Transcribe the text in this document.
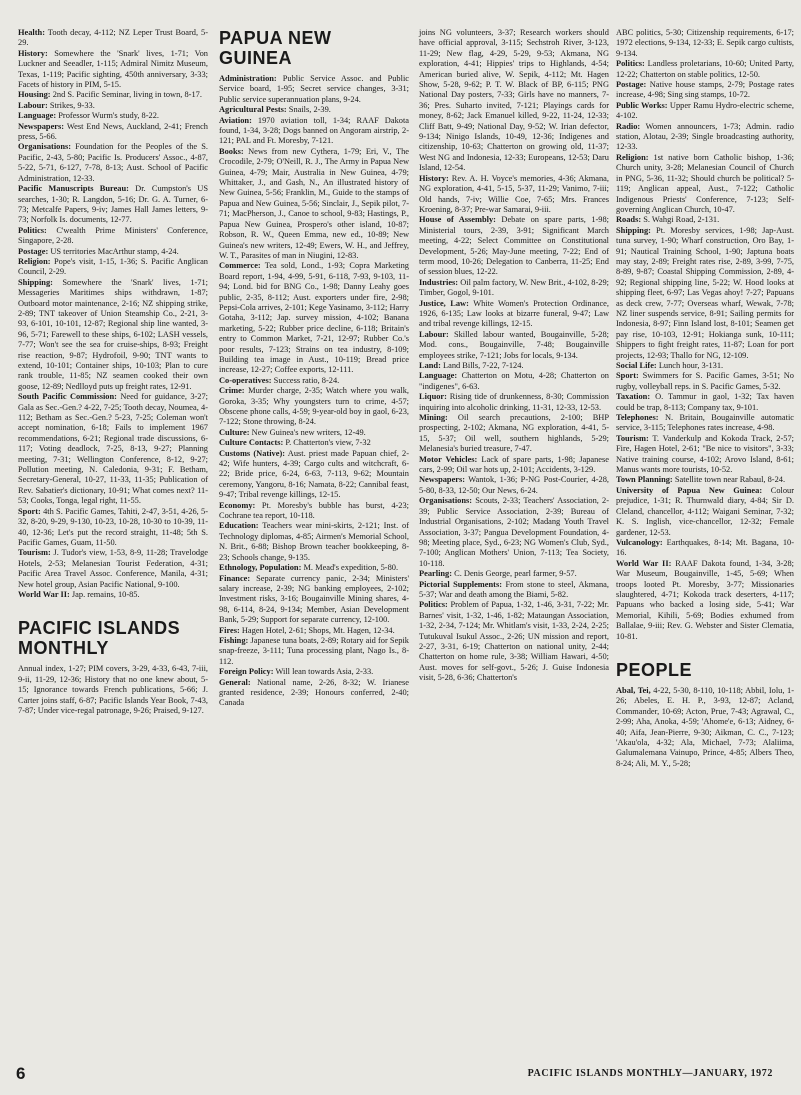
Health: Tooth decay, 4-112; NZ Leper Trust Board, 5-29.

History: Somewhere the 'Snark' lives, 1-71; Von Luckner and Seeadler, 1-115; Admiral Nimitz Museum, Texas, 1-119; Pacific sighting, 450th anniversary, 3-33; Facets of history in PIM, 5-15.

Housing: 2nd S. Pacific Seminar, living in town, 8-17.

Labour: Strikes, 9-33.

Language: Professor Wurm's study, 8-22.

Newspapers: West End News, Auckland, 2-41; French press, 5-66.

Organisations: Foundation for the Peoples of the S. Pacific, 2-43, 5-80; Pacific Is. Producers' Assoc., 4-87, 5-22, 5-71, 6-127, 7-78, 8-13; Aust. School of Pacific Administration, 12-33.

Pacific Manuscripts Bureau: Dr. Cumpston's US searches, 1-30; R. Langdon, 5-16; Dr. G. A. Turner, 6-73; Metcalfe Papers, 9-iv; James Hall James letters, 9-73; Norfolk Is. documents, 12-77.

Politics: C'wealth Prime Ministers' Conference, Singapore, 2-28.

Postage: US territories MacArthur stamp, 4-24.

Religion: Pope's visit, 1-15, 1-36; S. Pacific Anglican Council, 2-29.

Shipping: Somewhere the 'Snark' lives, 1-71; Messageries Maritimes ships withdrawn, 1-87; Outboard motor maintenance, 2-16; NZ shipping strike, 2-89; TNT takeover of Union Steamship Co., 2-21, 3-93, 6-101, 10-101, 12-87; Regional ship line wanted, 3-96, 5-71; Farewell to these ships, 6-102; LASH vessels, 7-77; Won't see the sea for cruise-ships, 8-93; Freight rise reaction, 9-87; Hydrofoil, 9-90; TNT wants to extend, 10-101; Container ships, 10-103; Plan to cure rank trouble, 11-85; NZ seamen cooked their own goose, 12-89; Nedlloyd puts up freight rates, 12-91.

South Pacific Commission: Need for guidance, 3-27; Gala as Sec.-Gen.? 4-22, 7-25; Tooth decay, Noumea, 4-112; Betham as Sec.-Gen.? 5-23, 7-25; Coleman won't accept nomination, 6-18; Fails to implement 1967 recommendations, 6-21; Regional trade discussions, 6-117; Voting deadlock, 7-25, 8-13, 9-27; Planning meeting, 7-31; Wellington Conference, 8-12, 9-27; Pollution meeting, N. Caledonia, 9-31; F. Betham, Secretary-General, 10-27, 11-33, 11-35; Publication of Rev. Sabatier's dictionary, 10-91; What comes next? 11-53; Cooks, Tonga, legal right, 11-55.

Sport: 4th S. Pacific Games, Tahiti, 2-47, 3-51, 4-26, 5-32, 8-20, 9-29, 9-130, 10-23, 10-28, 10-30 to 10-39, 11-40, 12-36; Let's put the record straight, 11-48; 5th S. Pacific Games, Guam, 11-50.

Tourism: J. Tudor's view, 1-53, 8-9, 11-28; Travelodge Hotels, 2-53; Melanesian Tourist Federation, 4-31; Pacific Area Travel Assoc. Conference, Manila, 4-31; New hotel group, Asian Pacific National, 9-100.

World War II: Jap. remains, 10-85.

PACIFIC ISLANDS MONTHLY

Annual index, 1-27; PIM covers, 3-29, 4-33, 6-43, 7-iii, 9-ii, 11-29, 12-36; History that no one knew about, 5-15; Ignorance towards French publications, 5-66; J. Carter joins staff, 6-87; Pacific Islands Year Book, 7-43, 7-87; Under vice-regal patronage, 9-26; Praised, 9-127.

PAPUA NEW GUINEA

Administration: Public Service Assoc. and Public Service board, 1-95; Secret service changes, 3-31; Public service superannuation plans, 9-24.

Agricultural Pests: Snails, 2-39.

Aviation: 1970 aviation toll, 1-34; RAAF Dakota found, 1-34, 3-28; Dogs banned on Angoram airstrip, 2-121; PAL and Ft. Moresby, 7-121.

Books: News from new Cythera, 1-79; Eri, V., The Crocodile, 2-79; O'Neill, R. J., The Army in Papua New Guinea, 4-79; Mair, Australia in New Guinea, 4-79; Whittaker, J., and Gash, N., An illustrated history of New Guinea, 5-56; Franklin, M., Guide to the stamps of Papua and New Guinea, 5-56; Sinclair, J., Sepik pilot, 7-71; MacPherson, J., Canoe to school, 9-83; Hastings, P., Papua New Guinea, Prospero's other island, 10-87; Robson, R. W., Queen Emma, new ed., 10-89; New Guinea's new writers, 12-49; Ewers, W. H., and Jeffrey, W. T., Parasites of man in Niugini, 12-83.

Commerce: Tea sold, Lond., 1-93; Copra Marketing Board report, 1-94, 4-99, 5-91, 6-118, 7-93, 9-103, 11-94; Lond. bid for BNG Co., 1-98; Danny Leahy goes public, 2-35, 8-112; Aust. exporters under fire, 2-98; Pepsi-Cola arrives, 2-101; Kege Yasinamo, 3-112; Harry Gotaha, 3-112; Jap. survey mission, 4-102; Banana marketing, 5-22; Rubber price decline, 6-118; Britain's entry to Common Market, 7-21, 12-97; Rubber Co.'s poor results, 7-123; Strains on tea industry, 8-109; Building tea image in Aust., 10-119; Bread price increase, 12-27; Coffee exports, 12-111.

Co-operatives: Success ratio, 8-24.

Crime: Murder charge, 2-35; Watch where you walk, Goroka, 3-35; Why youngsters turn to crime, 4-57; Obscene phone calls, 4-59; 9-year-old boy in gaol, 6-23, 7-122; Stone throwing, 8-24.

Culture: New Guinea's new writers, 12-49.

Culture Contacts: P. Chatterton's view, 7-32

Customs (Native): Aust. priest made Papuan chief, 2-42; Wife hunters, 4-39; Cargo cults and witchcraft, 6-22; Bride price, 6-24, 6-63, 7-113, 9-62; Mountain ceremony, Yangoru, 8-16; Namata, 8-22; Cannibal feast, 9-47; Tribal revenge killings, 12-15.

Economy: Pt. Moresby's bubble has burst, 4-23; Cochrane tea report, 10-118.

Education: Teachers wear mini-skirts, 2-121; Inst. of Technology diplomas, 4-85; Airmen's Memorial School, N. Brit., 6-88; Bishop Brown teacher bookkeeping, 8-23; Schools change, 9-135.

Ethnology, Population: M. Mead's expedition, 5-80.

Finance: Separate currency panic, 2-34; Ministers' salary increase, 2-39; NG banking employees, 2-102; Investment risks, 3-16; Bougainville Mining shares, 4-98, 6-114, 8-24, 9-134; Member, Asian Development Bank, 5-29; Support for separate currency, 12-100.

Fires: Hagen Hotel, 2-61; Shops, Mt. Hagen, 12-34.

Fishing: Japanese tuna boats, 2-89; Rotary aid for Sepik snap-freeze, 3-111; Tuna processing plant, Nago Is., 8-112.

Foreign Policy: Will lean towards Asia, 2-33.

General: National name, 2-26, 8-32; W. Irianese granted residence, 2-39; Honours conferred, 2-40; Canada

joins NG volunteers, 3-37; Research workers should have official approval, 3-115; Sechstroh River, 3-123, 11-29; New flag, 4-29, 5-29, 9-53; Akmana, NG exploration, 4-41; Hippies' trips to Highlands, 4-54; American buried alive, W. Sepik, 4-112; Mt. Hagen Show, 5-28, 9-62; P. T. W. Black of BP, 6-115; PNG National Day posters, 7-33; Girls have no manners, 7-36; Pres. Suharto invited, 7-121; Playings cards for money, 8-62; Jack Emanuel killed, 9-22, 11-24, 12-33; Cliff Batt, 9-49; National Day, 9-52; W. Irian defector, 9-134; Ninigo Islands, 10-49, 12-36; Indigenes and citizenship, 10-63; Chatterton on growing old, 11-37; West NG and Indonesia, 12-33; Europeans, 12-53; Daru Island, 12-54.

History: Rev. A. H. Voyce's memories, 4-36; Akmana, NG exploration, 4-41, 5-15, 5-37, 11-29; Vanimo, 7-iii; Old hands, 7-iv; Willie Coe, 7-65; Mrs. Frances Kroening, 8-37; Pre-war Samarai, 9-iii.

House of Assembly: Debate on spare parts, 1-98; Ministerial tours, 2-39, 3-91; Significant March meeting, 4-22; Select Committee on Constitutional Development, 5-26; May-June meeting, 7-22; End of term mood, 10-26; Delegation to Canberra, 11-25; End of session blues, 12-22.

Industries: Oil palm factory, W. New Brit., 4-102, 8-29; Timber, Gogol, 9-101.

Justice, Law: White Women's Protection Ordinance, 1926, 6-135; Law looks at bizarre funeral, 9-47; Law and tribal revenge killings, 12-15.

Labour: Skilled labour wanted, Bougainville, 5-28; Mod. cons., Bougainville, 7-48; Bougainville employees strike, 7-121; Jobs for locals, 9-134.

Land: Land Bills, 7-22, 7-124.

Language: Chatterton on Motu, 4-28; Chatterton on "indigenes", 6-63.

Liquor: Rising tide of drunkenness, 8-30; Commission inquiring into alcoholic drinking, 11-31, 12-33, 12-53.

Mining: Oil search precautions, 2-100; BHP prospecting, 2-102; Akmana, NG exploration, 4-41, 5-15, 5-37; Oil well, southern highlands, 5-29; Melanesia's buried treasure, 7-47.

Motor Vehicles: Lack of spare parts, 1-98; Japanese cars, 2-99; Oil war hots up, 2-101; Accidents, 3-129.

Newspapers: Wantok, 1-36; P-NG Post-Courier, 4-28, 5-80, 8-33, 12-50; Our News, 6-24.

Organisations: Scouts, 2-33; Teachers' Association, 2-39; Public Service Association, 2-39; Bureau of Industrial Organisations, 2-102; Madang Youth Travel Association, 3-37; Pangua Development Foundation, 4-98; Meeting place, Syd., 6-23; NG Women's Club, Syd., 7-100; Anglican Mothers' Union, 7-113; Tea Society, 10-118.

Pearling: C. Denis George, pearl farmer, 9-57.

Pictorial Supplements: From stone to steel, Akmana, 5-37; War and death among the Biami, 5-82.

Politics: Problem of Papua, 1-32, 1-46, 3-31, 7-22; Mr. Barnes' visit, 1-32, 1-46, 1-82; Mataungan Association, 1-32, 2-34, 7-124; Mr. Whitlam's visit, 1-33, 2-24, 2-25; Tutukuval Isukul Assoc., 2-26; UN mission and report, 2-27, 3-31, 6-19; Chatterton on national unity, 2-44; Chatterton on home rule, 3-38; William Hawari, 4-50; Aust. moves for self-govt., 5-26; J. Guise Indonesia visit, 5-28, 6-36; Chatterton's

ABC politics, 5-30; Citizenship requirements, 6-17; 1972 elections, 9-134, 12-33; E. Sepik cargo cultists, 9-134.

Politics: Landless proletarians, 10-60; United Party, 12-22; Chatterton on stable politics, 12-50.

Postage: Native house stamps, 2-79; Postage rates increase, 4-98; Sing sing stamps, 10-72.

Public Works: Upper Ramu Hydro-electric scheme, 4-102.

Radio: Women announcers, 1-73; Admin. radio station, Alotau, 2-39; Single broadcasting authority, 12-33.

Religion: 1st native born Catholic bishop, 1-36; Church unity, 3-28; Melanesian Council of Church in PNG, 5-36, 11-32; Should church be political? 5-119; Anglican appeal, Aust., 7-122; Catholic Indigenous Priests' Conference, 7-123; Self-governing Anglican Church, 10-47.

Roads: S. Wahgi Road, 2-131.

Shipping: Pt. Moresby services, 1-98; Jap-Aust. tuna survey, 1-90; Wharf construction, Oro Bay, 1-91; Nautical Training School, 1-90; Japtuna boats may stay, 2-89; Freight rates rise, 2-89, 3-99, 7-75, 8-89, 9-87; Coastal Shipping Commission, 2-89, 4-92; Regional shipping line, 5-22; W. Hood looks at shipping fleet, 6-97; Las Vegas ahoy! 7-27; Papuans as deck crew, 7-77; Overseas wharf, Wewak, 7-78; NZ liner suspends service, 8-91; Sailing permits for Indonesia, 8-97; Finn Island lost, 8-101; Seamen get pay rise, 10-103, 12-91; Hokianga sunk, 10-111; Shippers to fight freight rates, 11-87; Loan for port projects, 12-93; Thallo for NG, 12-109.

Social Life: Lunch hour, 3-131.

Sport: Swimmers for S. Pacific Games, 3-51; No rugby, volleyball reps. in S. Pacific Games, 5-32.

Taxation: O. Tammur in gaol, 1-32; Tax haven could be trap, 8-113; Company tax, 9-101.

Telephones: N. Britain, Bougainville automatic service, 3-115; Telephones rates increase, 4-98.

Tourism: T. Vanderkulp and Kokoda Track, 2-57; Fire, Hagen Hotel, 2-61; "Be nice to visitors", 3-33; Native training course, 4-102; Arovo Island, 8-61; Manus wants more tourists, 10-52.

Town Planning: Satellite town near Rabaul, 8-24.

University of Papua New Guinea: Colour prejudice, 1-31; R. Thurnwald diary, 4-84; Sir D. Cleland, chancellor, 4-112; Waigani Seminar, 7-32; K. S. Inglish, vice-chancellor, 12-32; Female gardener, 12-53.

Vulcanology: Earthquakes, 8-14; Mt. Bagana, 10-16.

World War II: RAAF Dakota found, 1-34, 3-28; War Museum, Bougainville, 1-45, 5-69; When troops looted Pt. Moresby, 3-77; Missionaries slaughtered, 4-71; Kokoda track deserters, 4-117; Papuans who backed a losing side, 5-41; War Memorial, Kihili, 5-69; Bodies exhumed from Ballalae, 9-iii; Rev. G. Webster and Sister Clematia, 10-81.

PEOPLE

Abal, Tei, 4-22, 5-30, 8-110, 10-118; Abbil, Iolu, 1-26; Abeles, E. H. P., 3-93, 12-87; Acland, Commander, 10-69; Acton, Prue, 7-43; Agrawal, C., 2-99; Aha, Anoka, 4-59; 'Ahome'e, 6-13; Aidney, 6-40; Aifa, Jean-Pierre, 9-30; Aikman, C. C., 7-123; 'Akau'ola, 4-32; Ala, Michael, 7-73; Alaliima, Galumalemana Vainupo, Prince, 4-85; Albers Theo, 8-24; Ali, M. Y., 5-28;

6	PACIFIC ISLANDS MONTHLY—JANUARY, 1972
